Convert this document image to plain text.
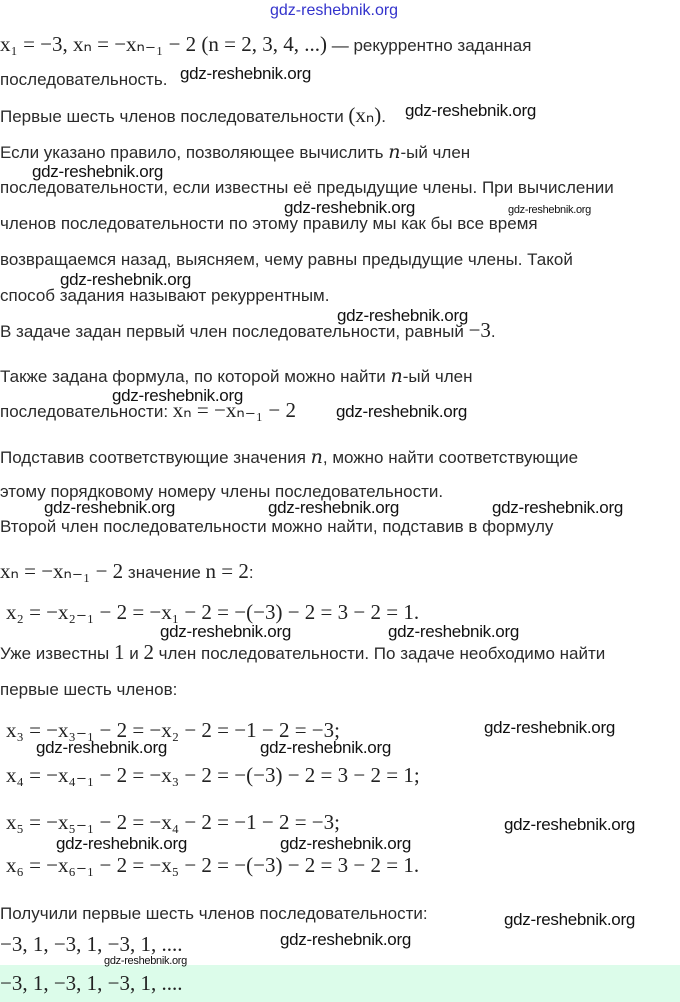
gdz-reshebnik.org
x₁ = −3, xₙ = −xₙ₋₁ − 2 (n = 2, 3, 4, ...) — рекуррентно заданная
последовательность.
Первые шесть членов последовательности (xₙ).
Если указано правило, позволяющее вычислить n-ый член
последовательности, если известны её предыдущие члены. При вычислении
членов последовательности по этому правилу мы как бы все время
возвращаемся назад, выясняем, чему равны предыдущие члены. Такой
способ задания называют рекуррентным.
В задаче задан первый член последовательности, равный −3.
Также задана формула, по которой можно найти n-ый член
последовательности: xₙ = −xₙ₋₁ − 2
Подставив соответствующие значения n, можно найти соответствующие
этому порядковому номеру члены последовательности.
Второй член последовательности можно найти, подставив в формулу
xₙ = −xₙ₋₁ − 2 значение n = 2:
x₂ = −x₂₋₁ − 2 = −x₁ − 2 = −(−3) − 2 = 3 − 2 = 1.
Уже известны 1 и 2 член последовательности. По задаче необходимо найти
первые шесть членов:
x₃ = −x₃₋₁ − 2 = −x₂ − 2 = −1 − 2 = −3;
x₄ = −x₄₋₁ − 2 = −x₃ − 2 = −(−3) − 2 = 3 − 2 = 1;
x₅ = −x₅₋₁ − 2 = −x₄ − 2 = −1 − 2 = −3;
x₆ = −x₆₋₁ − 2 = −x₅ − 2 = −(−3) − 2 = 3 − 2 = 1.
Получили первые шесть членов последовательности:
−3, 1, −3, 1, −3, 1, ....
−3, 1, −3, 1, −3, 1, ....
gdz-reshebnik.org
gdz-reshebnik.org
gdz-reshebnik.org
gdz-reshebnik.org	gdz-reshebnik.org
gdz-reshebnik.org
gdz-reshebnik.org
gdz-reshebnik.org
gdz-reshebnik.org
gdz-reshebnik.org	gdz-reshebnik.org	gdz-reshebnik.org
gdz-reshebnik.org	gdz-reshebnik.org
gdz-reshebnik.org
gdz-reshebnik.org	gdz-reshebnik.org
gdz-reshebnik.org
gdz-reshebnik.org	gdz-reshebnik.org
gdz-reshebnik.org
gdz-reshebnik.org
gdz-reshebnik.org
